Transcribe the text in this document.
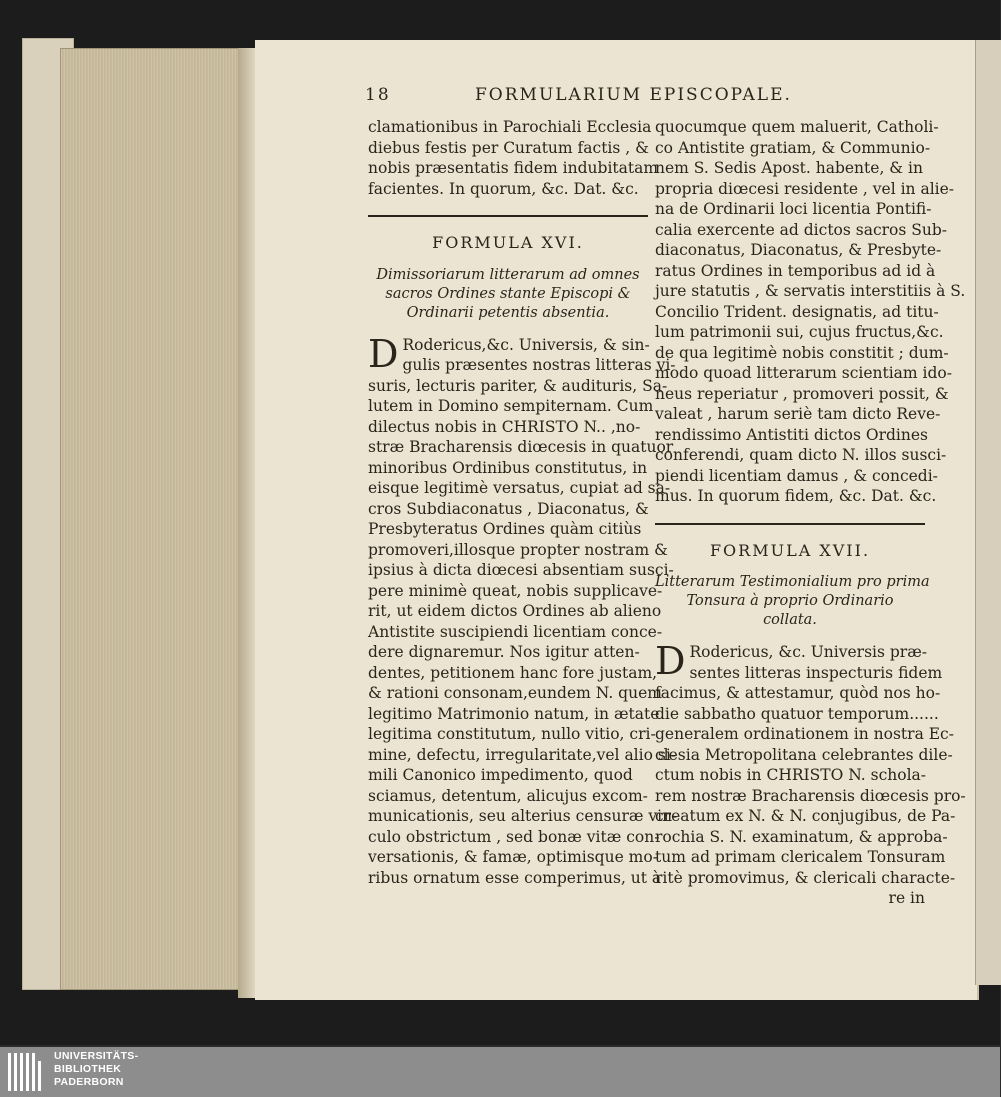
18	FORMULARIUM EPISCOPALE.
clamationibus in Parochiali Ecclesia
diebus festis per Curatum factis , &
nobis præsentatis fidem indubitatam
facientes. In quorum, &c. Dat. &c.
FORMULA XVI.
Dimissoriarum litterarum ad omnes
sacros Ordines stante Episcopi &
Ordinarii petentis absentia.
D Rodericus,&c. Universis, & sin-
gulis præsentes nostras litteras vi-
suris, lecturis pariter, & audituris, Sa-
lutem in Domino sempiternam. Cum
dilectus nobis in CHRISTO N.. ,no-
stræ Bracharensis diœcesis in quatuor
minoribus Ordinibus constitutus, in
eisque legitimè versatus, cupiat ad sa-
cros Subdiaconatus , Diaconatus, &
Presbyteratus Ordines quàm citiùs
promoveri,illosque propter nostram &
ipsius à dicta diœcesi absentiam susci-
pere minimè queat, nobis supplicave-
rit, ut eidem dictos Ordines ab alieno
Antistite suscipiendi licentiam conce-
dere dignaremur. Nos igitur atten-
dentes, petitionem hanc fore justam,
& rationi consonam,eundem N. quem
legitimo Matrimonio natum, in ætate
legitima constitutum, nullo vitio, cri-
mine, defectu, irregularitate,vel alio si-
mili Canonico impedimento, quod
sciamus, detentum, alicujus excom-
municationis, seu alterius censuræ vin-
culo obstrictum , sed bonæ vitæ con-
versationis, & famæ, optimisque mo-
ribus ornatum esse comperimus, ut à
quocumque quem maluerit, Catholi-
co Antistite gratiam, & Communio-
nem S. Sedis Apost. habente, & in
propria diœcesi residente , vel in alie-
na de Ordinarii loci licentia Pontifi-
calia exercente ad dictos sacros Sub-
diaconatus, Diaconatus, & Presbyte-
ratus Ordines in temporibus ad id à
jure statutis , & servatis interstitiis à S.
Concilio Trident. designatis, ad titu-
lum patrimonii sui, cujus fructus,&c.
de qua legitimè nobis constitit ; dum-
modo quoad litterarum scientiam ido-
neus reperiatur , promoveri possit, &
valeat , harum seriè tam dicto Reve-
rendissimo Antistiti dictos Ordines
conferendi, quam dicto N. illos susci-
piendi licentiam damus , & concedi-
mus. In quorum fidem, &c. Dat. &c.
FORMULA XVII.
Litterarum Testimonialium pro prima
Tonsura à proprio Ordinario
collata.
D Rodericus, &c. Universis præ-
sentes litteras inspecturis fidem
facimus, & attestamur, quòd nos ho-
die sabbatho quatuor temporum......
generalem ordinationem in nostra Ec-
clesia Metropolitana celebrantes dile-
ctum nobis in CHRISTO N. schola-
rem nostræ Bracharensis diœcesis pro-
creatum ex N. & N. conjugibus, de Pa-
rochia S. N. examinatum, & approba-
tum ad primam clericalem Tonsuram
ritè promovimus, & clericali characte-
re in
UNIVERSITÄTS-
BIBLIOTHEK
PADERBORN
